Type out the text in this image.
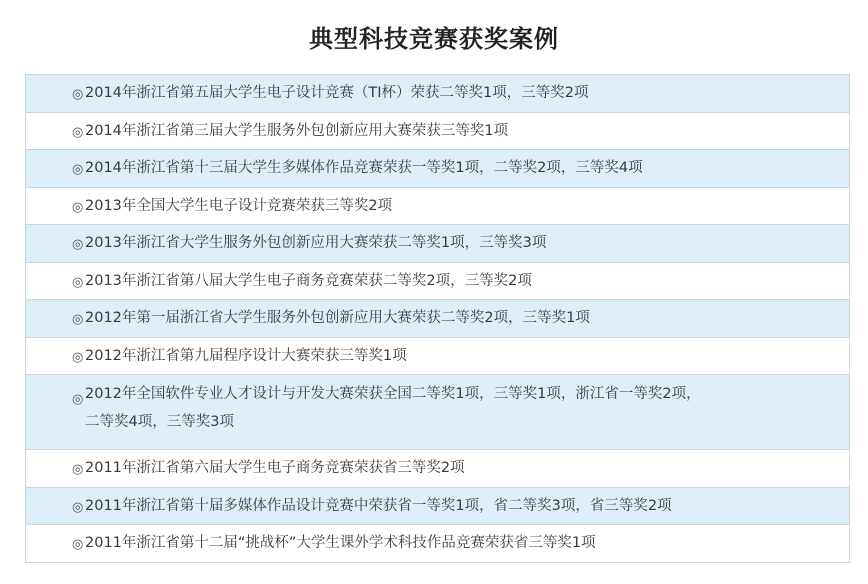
典型科技竞赛获奖案例
◎ 2014年浙江省第五届大学生电子设计竞赛（TI杯）荣获二等奖1项，三等奖2项
◎ 2014年浙江省第三届大学生服务外包创新应用大赛荣获三等奖1项
◎ 2014年浙江省第十三届大学生多媒体作品竞赛荣获一等奖1项，二等奖2项，三等奖4项
◎ 2013年全国大学生电子设计竞赛荣获三等奖2项
◎ 2013年浙江省大学生服务外包创新应用大赛荣获二等奖1项，三等奖3项
◎ 2013年浙江省第八届大学生电子商务竞赛荣获二等奖2项，三等奖2项
◎ 2012年第一届浙江省大学生服务外包创新应用大赛荣获二等奖2项，三等奖1项
◎ 2012年浙江省第九届程序设计大赛荣获三等奖1项
◎ 2012年全国软件专业人才设计与开发大赛荣获全国二等奖1项，三等奖1项，浙江省一等奖2项，
二等奖4项，三等奖3项
◎ 2011年浙江省第六届大学生电子商务竞赛荣获省三等奖2项
◎ 2011年浙江省第十届多媒体作品设计竞赛中荣获省一等奖1项，省二等奖3项，省三等奖2项
◎ 2011年浙江省第十二届“挑战杯”大学生课外学术科技作品竞赛荣获省三等奖1项
